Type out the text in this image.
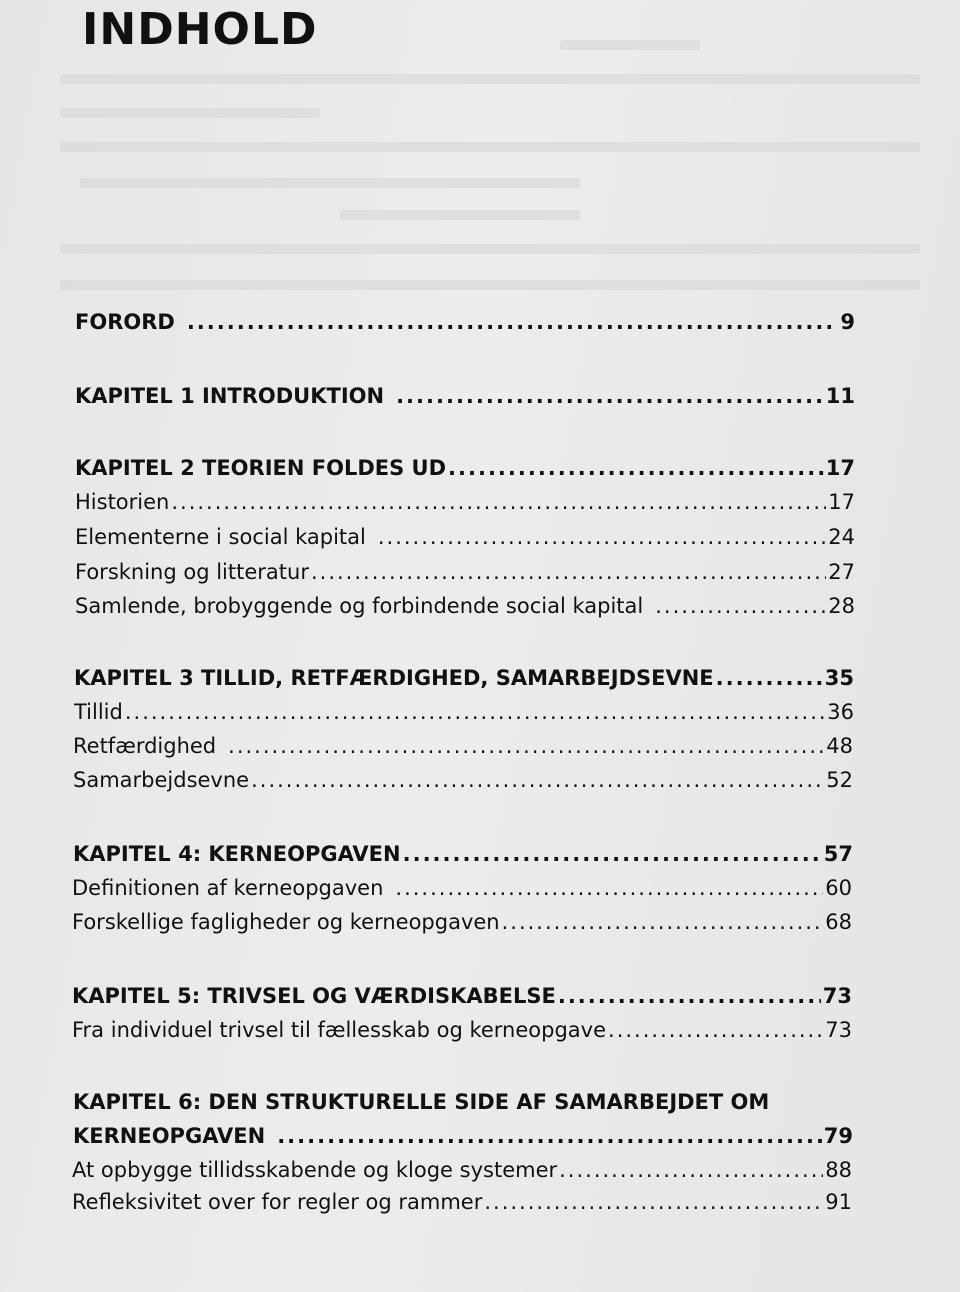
INDHOLD
FORORD .....	9
KAPITEL 1 INTRODUKTION .....	11
KAPITEL 2 TEORIEN FOLDES UD .....	17
Historien .....	17
Elementerne i social kapital .....	24
Forskning og litteratur .....	27
Samlende, brobyggende og forbindende social kapital .....	28
KAPITEL 3 TILLID, RETFÆRDIGHED, SAMARBEJDSEVNE .....	35
Tillid .....	36
Retfærdighed .....	48
Samarbejdsevne .....	52
KAPITEL 4: KERNEOPGAVEN .....	57
Definitionen af kerneopgaven .....	60
Forskellige fagligheder og kerneopgaven .....	68
KAPITEL 5: TRIVSEL OG VÆRDISKABELSE .....	73
Fra individuel trivsel til fællesskab og kerneopgave .....	73
KAPITEL 6: DEN STRUKTURELLE SIDE AF SAMARBEJDET OM
KERNEOPGAVEN .....	79
At opbygge tillidsskabende og kloge systemer .....	88
Refleksivitet over for regler og rammer .....	91
